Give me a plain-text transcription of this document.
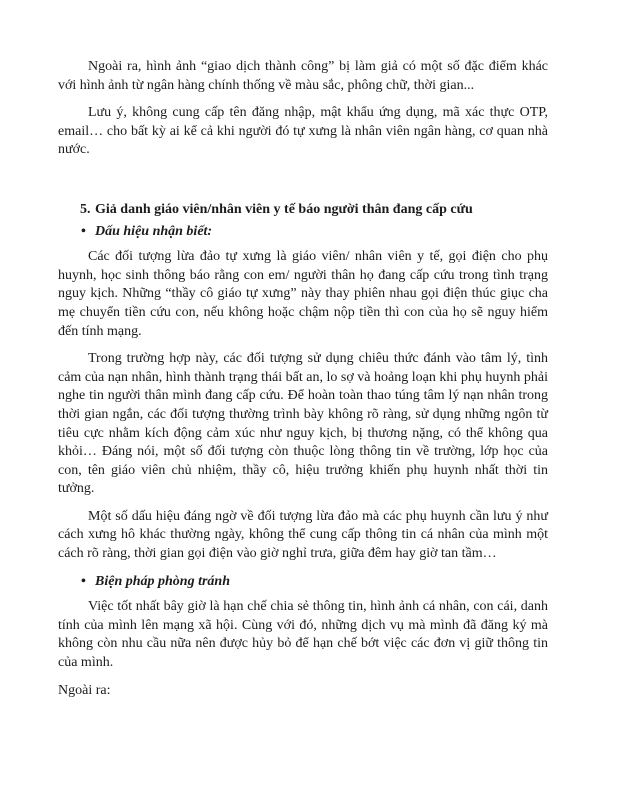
Ngoài ra, hình ảnh “giao dịch thành công” bị làm giả có một số đặc điểm khác với hình ảnh từ ngân hàng chính thống về màu sắc, phông chữ, thời gian...

Lưu ý, không cung cấp tên đăng nhập, mật khẩu ứng dụng, mã xác thực OTP, email… cho bất kỳ ai kể cả khi người đó tự xưng là nhân viên ngân hàng, cơ quan nhà nước.

5. Giả danh giáo viên/nhân viên y tế báo người thân đang cấp cứu
• Dấu hiệu nhận biết:

Các đối tượng lừa đảo tự xưng là giáo viên/ nhân viên y tế, gọi điện cho phụ huynh, học sinh thông báo rằng con em/ người thân họ đang cấp cứu trong tình trạng nguy kịch. Những “thầy cô giáo tự xưng” này thay phiên nhau gọi điện thúc giục cha mẹ chuyển tiền cứu con, nếu không hoặc chậm nộp tiền thì con của họ sẽ nguy hiểm đến tính mạng.

Trong trường hợp này, các đối tượng sử dụng chiêu thức đánh vào tâm lý, tình cảm của nạn nhân, hình thành trạng thái bất an, lo sợ và hoảng loạn khi phụ huynh phải nghe tin người thân mình đang cấp cứu. Để hoàn toàn thao túng tâm lý nạn nhân trong thời gian ngắn, các đối tượng thường trình bày không rõ ràng, sử dụng những ngôn từ tiêu cực nhằm kích động cảm xúc như nguy kịch, bị thương nặng, có thể không qua khỏi… Đáng nói, một số đối tượng còn thuộc lòng thông tin về trường, lớp học của con, tên giáo viên chủ nhiệm, thầy cô, hiệu trưởng khiến phụ huynh nhất thời tin tưởng.

Một số dấu hiệu đáng ngờ về đối tượng lừa đảo mà các phụ huynh cần lưu ý như cách xưng hô khác thường ngày, không thể cung cấp thông tin cá nhân của mình một cách rõ ràng, thời gian gọi điện vào giờ nghỉ trưa, giữa đêm hay giờ tan tầm…

• Biện pháp phòng tránh

Việc tốt nhất bây giờ là hạn chế chia sẻ thông tin, hình ảnh cá nhân, con cái, danh tính của mình lên mạng xã hội. Cùng với đó, những dịch vụ mà mình đã đăng ký mà không còn nhu cầu nữa nên được hủy bỏ để hạn chế bớt việc các đơn vị giữ thông tin của mình.

Ngoài ra:
